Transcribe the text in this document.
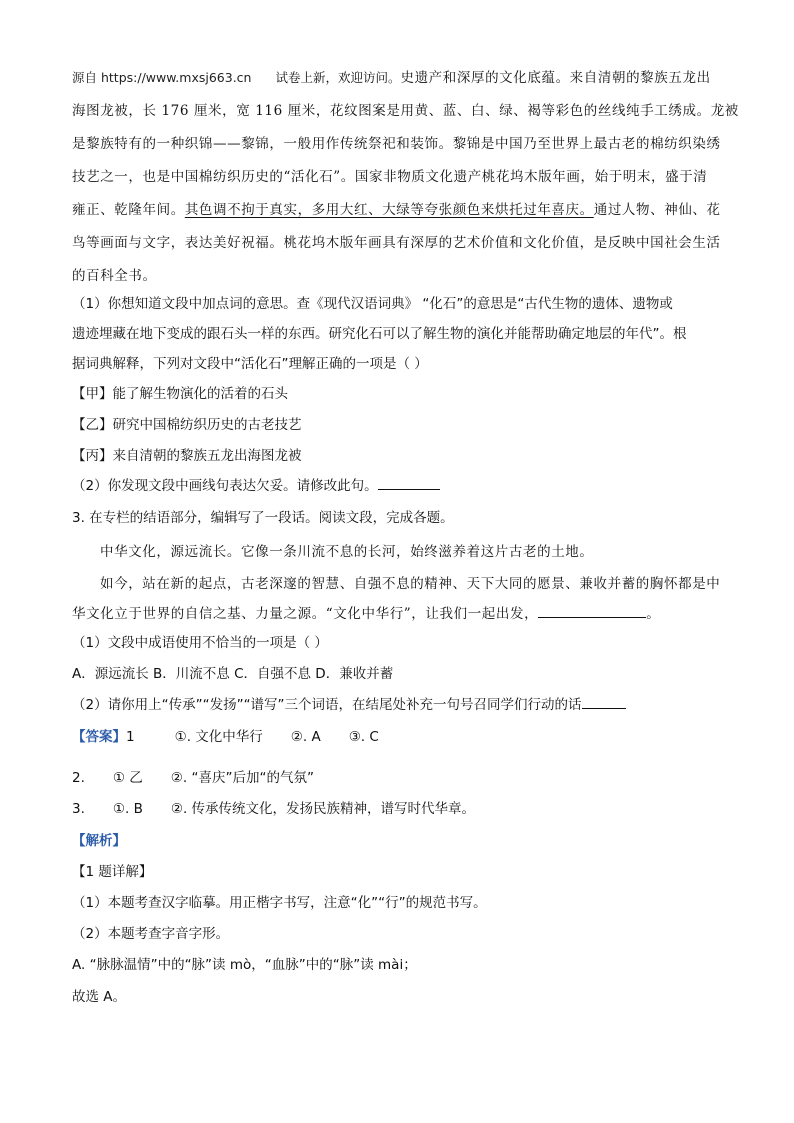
源自 https://www.mxsj663.cn 试卷上新，欢迎访问。史遗产和深厚的文化底蕴。来自清朝的黎族五龙出
海图龙被，长 176 厘米，宽 116 厘米，花纹图案是用黄、蓝、白、绿、褐等彩色的丝线纯手工绣成。龙被
是黎族特有的一种织锦——黎锦，一般用作传统祭祀和装饰。黎锦是中国乃至世界上最古老的棉纺织染绣
技艺之一，也是中国棉纺织历史的“活化石”。国家非物质文化遗产桃花坞木版年画，始于明末，盛于清
雍正、乾隆年间。其色调不拘于真实，多用大红、大绿等夸张颜色来烘托过年喜庆。通过人物、神仙、花
鸟等画面与文字，表达美好祝福。桃花坞木版年画具有深厚的艺术价值和文化价值，是反映中国社会生活
的百科全书。
（1）你想知道文段中加点词的意思。查《现代汉语词典》 “化石”的意思是“古代生物的遗体、遗物或
遗迹埋藏在地下变成的跟石头一样的东西。研究化石可以了解生物的演化并能帮助确定地层的年代”。根
据词典解释，下列对文段中“活化石”理解正确的一项是（ ）
【甲】能了解生物演化的活着的石头
【乙】研究中国棉纺织历史的古老技艺
【丙】来自清朝的黎族五龙出海图龙被
（2）你发现文段中画线句表达欠妥。请修改此句。
3. 在专栏的结语部分，编辑写了一段话。阅读文段，完成各题。
中华文化，源远流长。它像一条川流不息的长河，始终滋养着这片古老的土地。
如今，站在新的起点，古老深邃的智慧、自强不息的精神、天下大同的愿景、兼收并蓄的胸怀都是中
华文化立于世界的自信之基、力量之源。“文化中华行”，让我们一起出发，	。
（1）文段中成语使用不恰当的一项是（ ）
A．源远流长 B．川流不息 C．自强不息 D．兼收并蓄
（2）请你用上“传承”“发扬”“谱写”三个词语，在结尾处补充一句号召同学们行动的话
【答案】1	①. 文化中华行 ②. A ③. C
2. ① 乙 ②. “喜庆”后加“的气氛”
3. ①. B ②. 传承传统文化，发扬民族精神，谱写时代华章。
【解析】
【1 题详解】
（1）本题考查汉字临摹。用正楷字书写，注意“化”“行”的规范书写。
（2）本题考查字音字形。
A. “脉脉温情”中的“脉”读 mò，“血脉”中的“脉”读 mài；
故选 A。
